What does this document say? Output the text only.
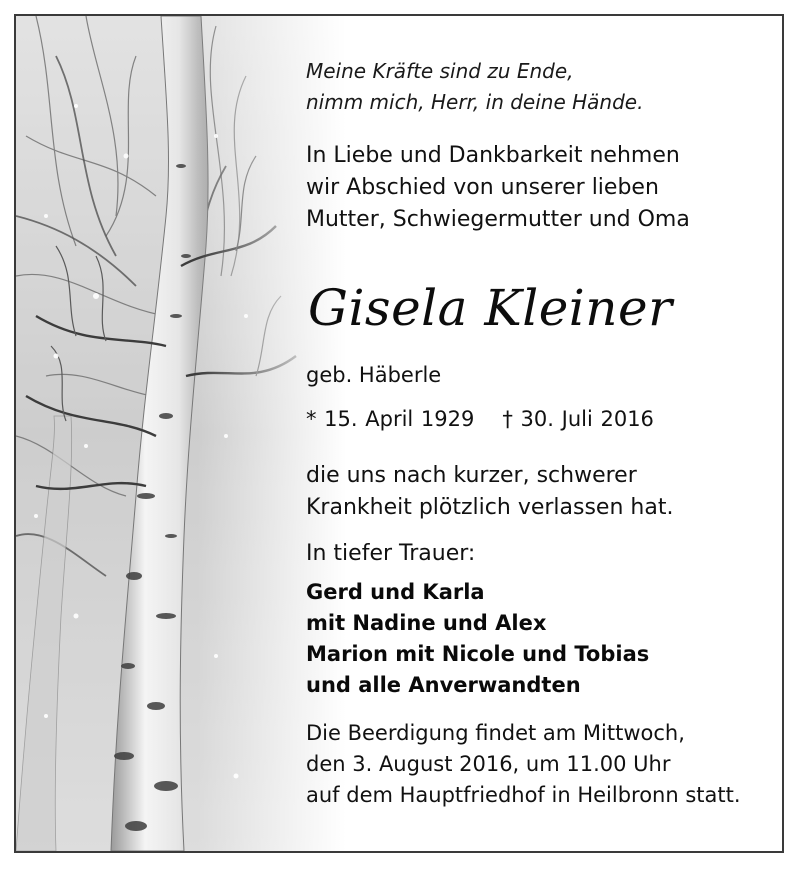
Meine Kräfte sind zu Ende,
nimm mich, Herr, in deine Hände.

In Liebe und Dankbarkeit nehmen
wir Abschied von unserer lieben
Mutter, Schwiegermutter und Oma

Gisela Kleiner

geb. Häberle

* 15. April 1929 † 30. Juli 2016

die uns nach kurzer, schwerer
Krankheit plötzlich verlassen hat.

In tiefer Trauer:

Gerd und Karla
mit Nadine und Alex
Marion mit Nicole und Tobias
und alle Anverwandten

Die Beerdigung findet am Mittwoch,
den 3. August 2016, um 11.00 Uhr
auf dem Hauptfriedhof in Heilbronn statt.
